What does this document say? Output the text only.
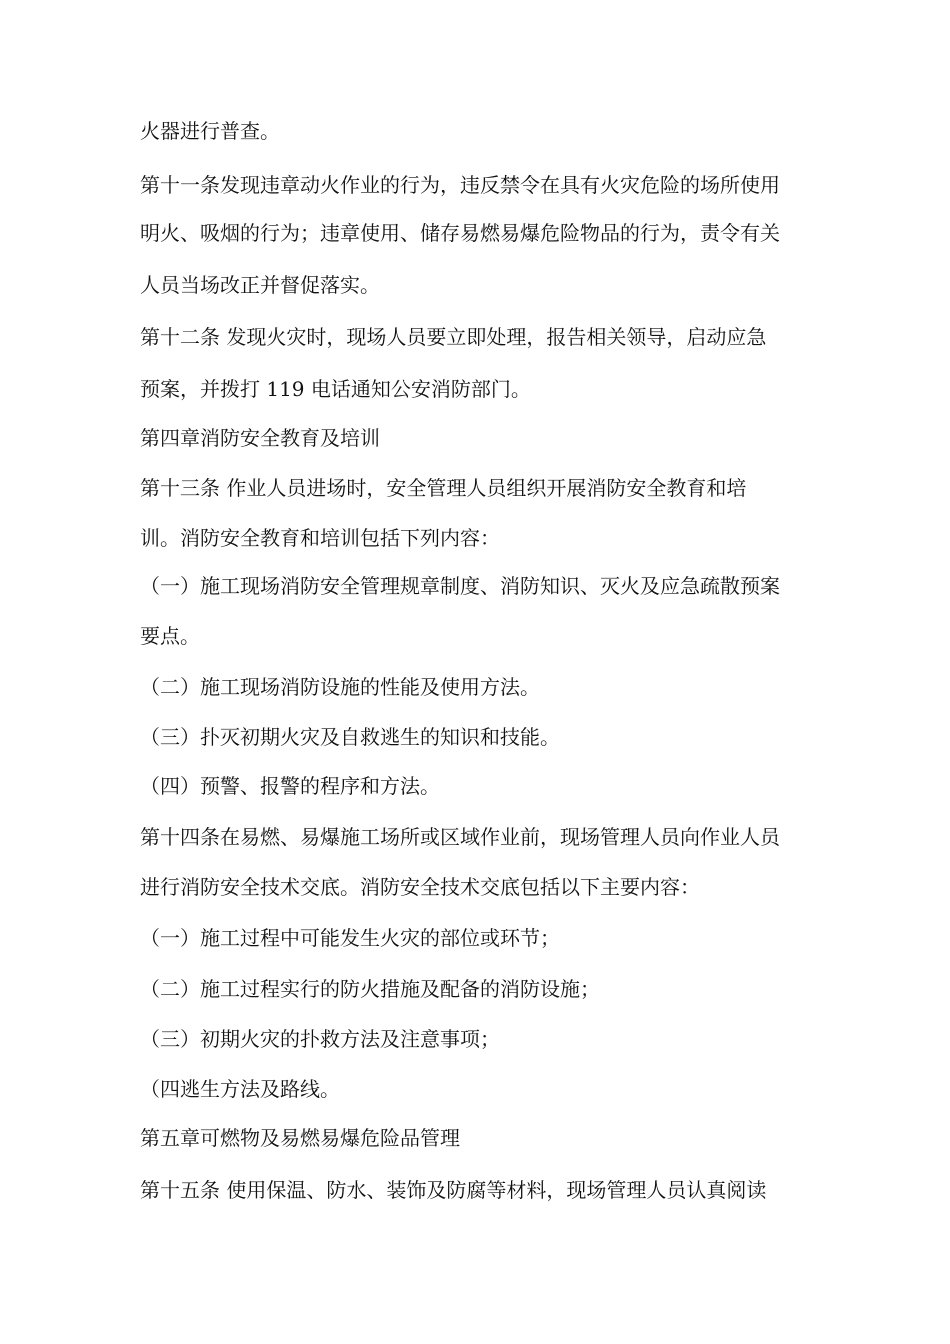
火器进行普查。
第十一条发现违章动火作业的行为，违反禁令在具有火灾危险的场所使用
明火、吸烟的行为；违章使用、储存易燃易爆危险物品的行为，责令有关
人员当场改正并督促落实。
第十二条 发现火灾时，现场人员要立即处理，报告相关领导，启动应急
预案，并拨打 119 电话通知公安消防部门。
第四章消防安全教育及培训
第十三条 作业人员进场时，安全管理人员组织开展消防安全教育和培
训。消防安全教育和培训包括下列内容：
（一）施工现场消防安全管理规章制度、消防知识、灭火及应急疏散预案
要点。
（二）施工现场消防设施的性能及使用方法。
（三）扑灭初期火灾及自救逃生的知识和技能。
（四）预警、报警的程序和方法。
第十四条在易燃、易爆施工场所或区域作业前，现场管理人员向作业人员
进行消防安全技术交底。消防安全技术交底包括以下主要内容：
（一）施工过程中可能发生火灾的部位或环节；
（二）施工过程实行的防火措施及配备的消防设施；
（三）初期火灾的扑救方法及注意事项；
（四逃生方法及路线。
第五章可燃物及易燃易爆危险品管理
第十五条 使用保温、防水、装饰及防腐等材料，现场管理人员认真阅读
